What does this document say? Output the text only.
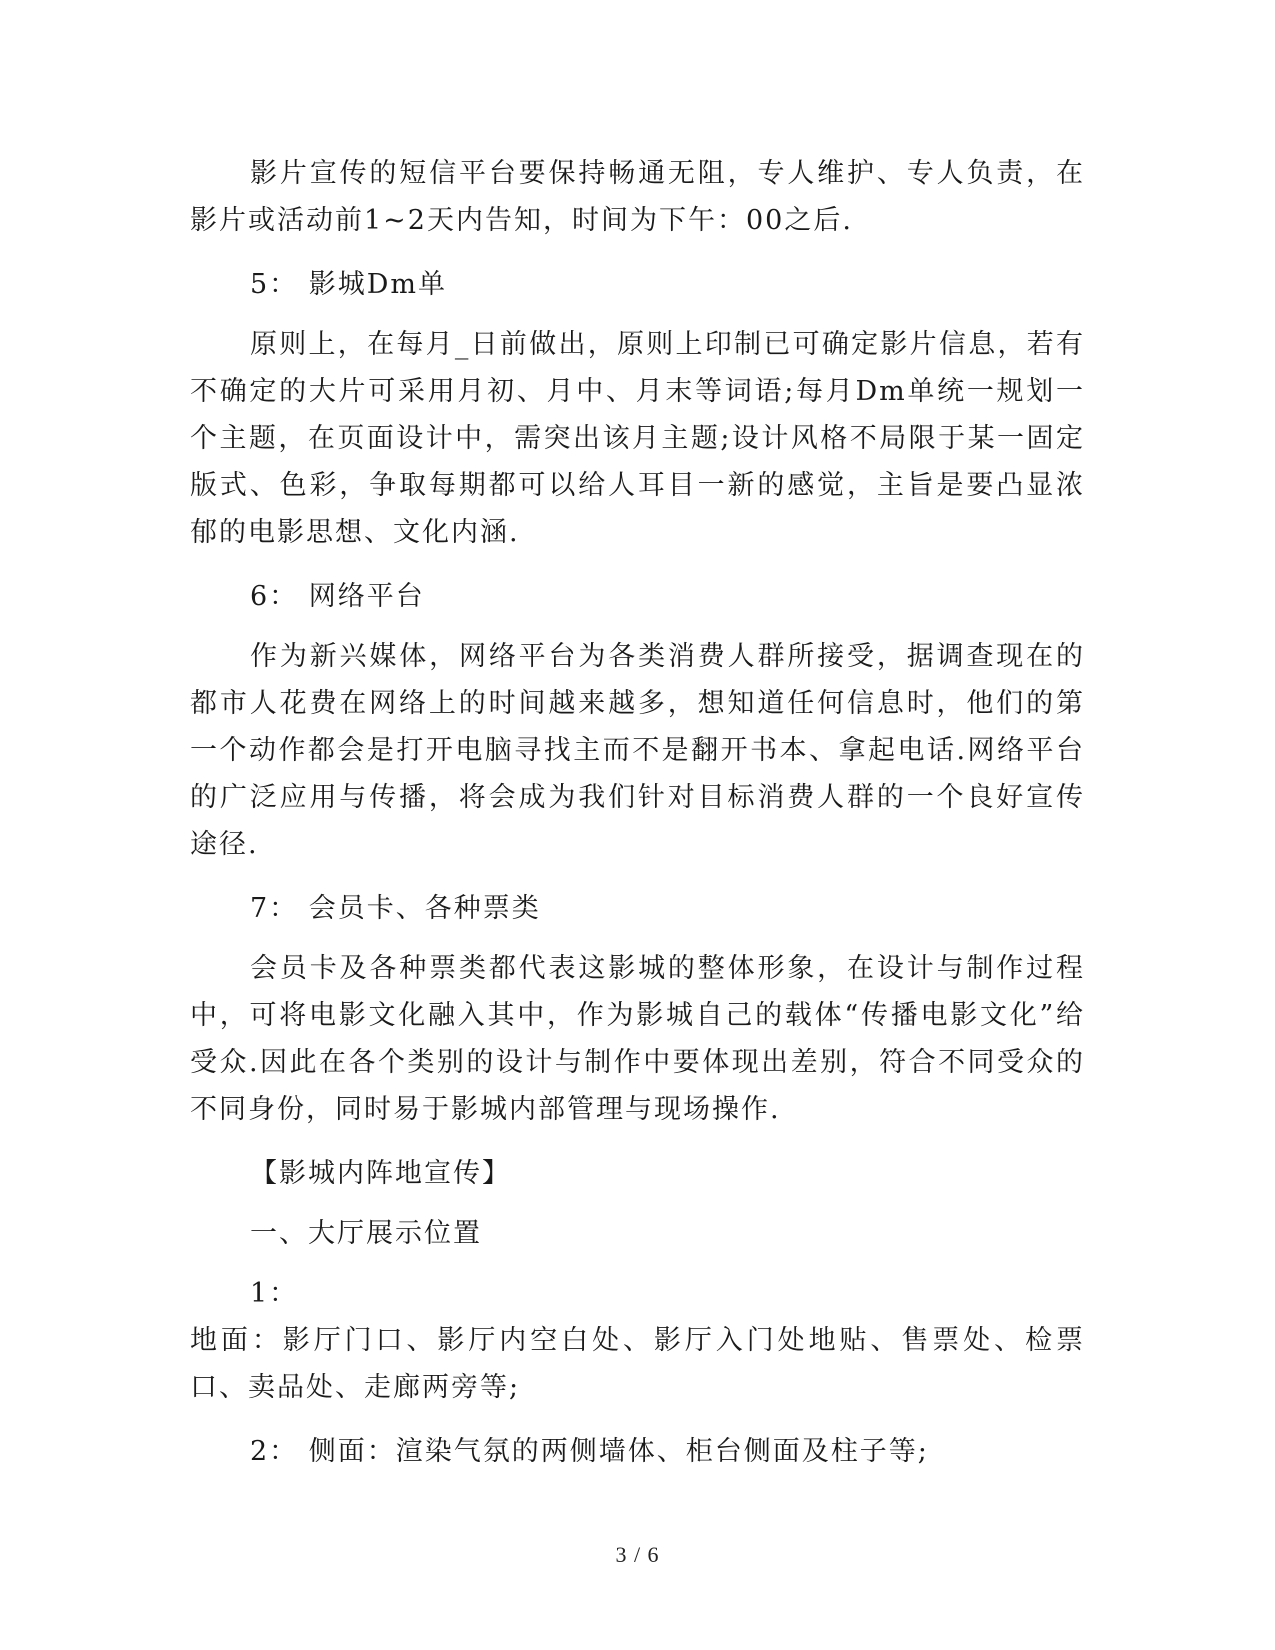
影片宣传的短信平台要保持畅通无阻，专人维护、专人负责，在影片或活动前1~2天内告知，时间为下午：00之后.

5： 影城Dm单

原则上，在每月_日前做出，原则上印制已可确定影片信息，若有不确定的大片可采用月初、月中、月末等词语;每月Dm单统一规划一个主题，在页面设计中，需突出该月主题;设计风格不局限于某一固定版式、色彩，争取每期都可以给人耳目一新的感觉，主旨是要凸显浓郁的电影思想、文化内涵.

6： 网络平台

作为新兴媒体，网络平台为各类消费人群所接受，据调查现在的都市人花费在网络上的时间越来越多，想知道任何信息时，他们的第一个动作都会是打开电脑寻找主而不是翻开书本、拿起电话.网络平台的广泛应用与传播，将会成为我们针对目标消费人群的一个良好宣传途径.

7： 会员卡、各种票类

会员卡及各种票类都代表这影城的整体形象，在设计与制作过程中，可将电影文化融入其中，作为影城自己的载体“传播电影文化”给受众.因此在各个类别的设计与制作中要体现出差别，符合不同受众的不同身份，同时易于影城内部管理与现场操作.

【影城内阵地宣传】

一、大厅展示位置

1：

地面：影厅门口、影厅内空白处、影厅入门处地贴、售票处、检票口、卖品处、走廊两旁等;

2： 侧面：渲染气氛的两侧墙体、柜台侧面及柱子等;

3 / 6
